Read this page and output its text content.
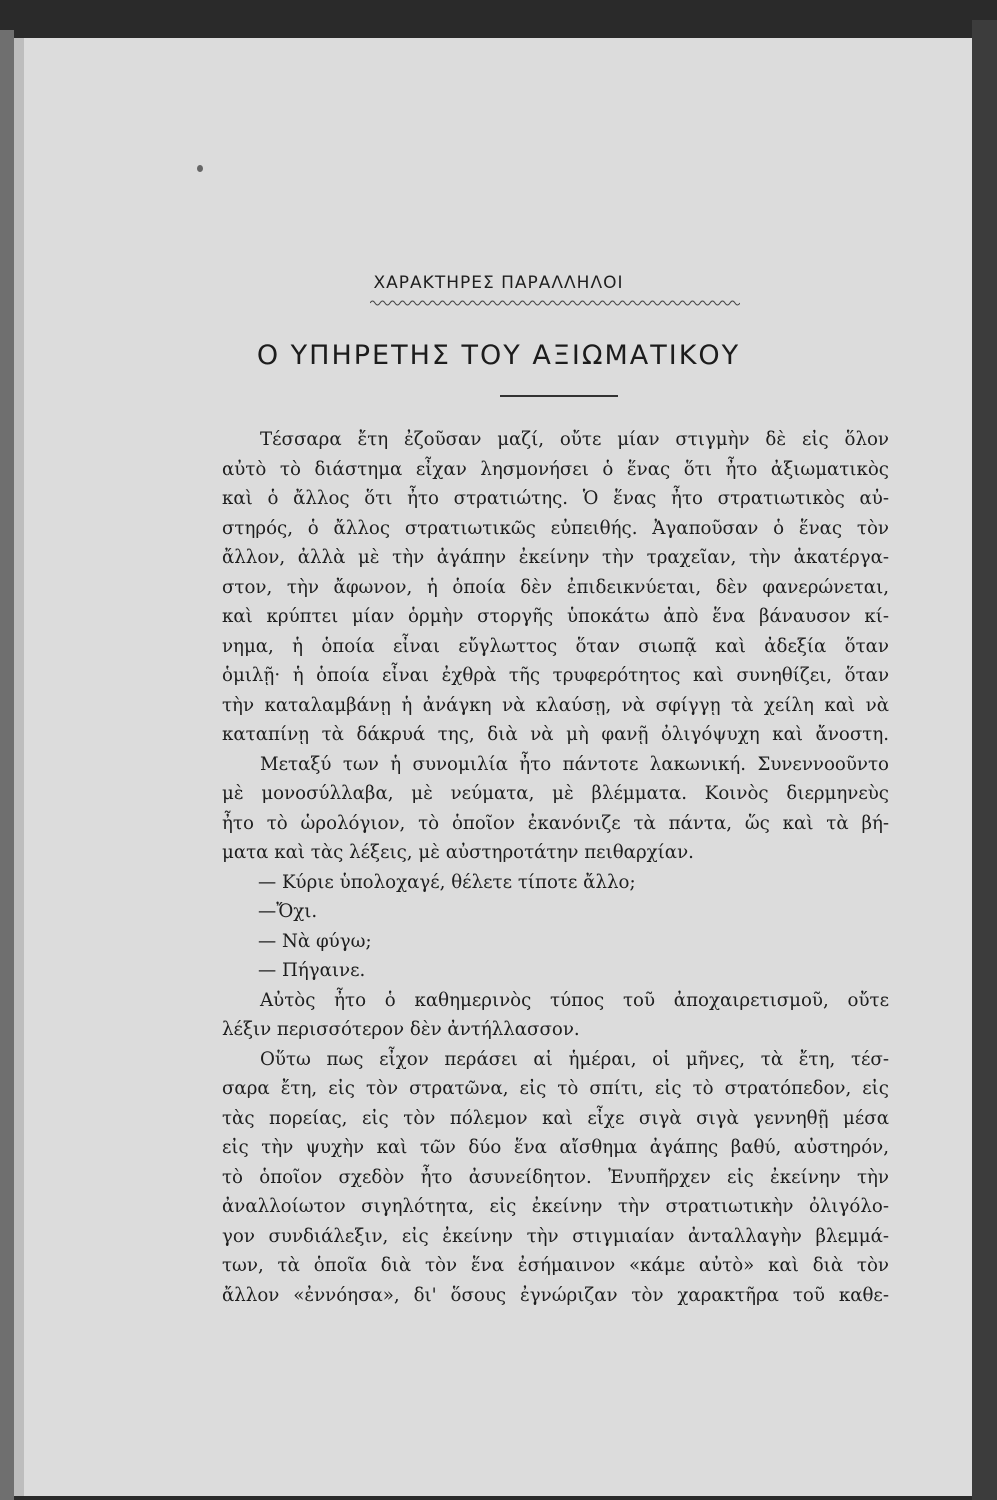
ΧΑΡΑΚΤΗΡΕΣ ΠΑΡΑΛΛΗΛΟΙ
Ο ΥΠΗΡΕΤΗΣ ΤΟΥ ΑΞΙΩΜΑΤΙΚΟΥ
Τέσσαρα ἔτη ἐζοῦσαν μαζί, οὔτε μίαν στιγμὴν δὲ εἰς ὅλον
αὐτὸ τὸ διάστημα εἶχαν λησμονήσει ὁ ἕνας ὅτι ἦτο ἀξιωματικὸς
καὶ ὁ ἄλλος ὅτι ἦτο στρατιώτης. Ὁ ἕνας ἦτο στρατιωτικὸς αὐ-
στηρός, ὁ ἄλλος στρατιωτικῶς εὐπειθής. Ἀγαποῦσαν ὁ ἕνας τὸν
ἄλλον, ἀλλὰ μὲ τὴν ἀγάπην ἐκείνην τὴν τραχεῖαν, τὴν ἀκατέργα-
στον, τὴν ἄφωνον, ἡ ὁποία δὲν ἐπιδεικνύεται, δὲν φανερώνεται,
καὶ κρύπτει μίαν ὁρμὴν στοργῆς ὑποκάτω ἀπὸ ἕνα βάναυσον κί-
νημα, ἡ ὁποία εἶναι εὔγλωττος ὅταν σιωπᾷ καὶ ἀδεξία ὅταν
ὁμιλῇ· ἡ ὁποία εἶναι ἐχθρὰ τῆς τρυφερότητος καὶ συνηθίζει, ὅταν
τὴν καταλαμβάνῃ ἡ ἀνάγκη νὰ κλαύσῃ, νὰ σφίγγῃ τὰ χείλη καὶ νὰ
καταπίνῃ τὰ δάκρυά της, διὰ νὰ μὴ φανῇ ὀλιγόψυχη καὶ ἄνοστη.
Μεταξύ των ἡ συνομιλία ἦτο πάντοτε λακωνική. Συνεννοοῦντο
μὲ μονοσύλλαβα, μὲ νεύματα, μὲ βλέμματα. Κοινὸς διερμηνεὺς
ἦτο τὸ ὡρολόγιον, τὸ ὁποῖον ἐκανόνιζε τὰ πάντα, ὥς καὶ τὰ βή-
ματα καὶ τὰς λέξεις, μὲ αὐστηροτάτην πειθαρχίαν.
— Κύριε ὑπολοχαγέ, θέλετε τίποτε ἄλλο;
—Ὄχι.
— Νὰ φύγω;
— Πήγαινε.
Αὐτὸς ἦτο ὁ καθημερινὸς τύπος τοῦ ἀποχαιρετισμοῦ, οὔτε
λέξιν περισσότερον δὲν ἀντήλλασσον.
Οὕτω πως εἶχον περάσει αἱ ἡμέραι, οἱ μῆνες, τὰ ἔτη, τέσ-
σαρα ἔτη, εἰς τὸν στρατῶνα, εἰς τὸ σπίτι, εἰς τὸ στρατόπεδον, εἰς
τὰς πορείας, εἰς τὸν πόλεμον καὶ εἶχε σιγὰ σιγὰ γεννηθῇ μέσα
εἰς τὴν ψυχὴν καὶ τῶν δύο ἕνα αἴσθημα ἀγάπης βαθύ, αὐστηρόν,
τὸ ὁποῖον σχεδὸν ἦτο ἀσυνείδητον. Ἐνυπῆρχεν εἰς ἐκείνην τὴν
ἀναλλοίωτον σιγηλότητα, εἰς ἐκείνην τὴν στρατιωτικὴν ὀλιγόλο-
γον συνδιάλεξιν, εἰς ἐκείνην τὴν στιγμιαίαν ἀνταλλαγὴν βλεμμά-
των, τὰ ὁποῖα διὰ τὸν ἕνα ἐσήμαινον «κάμε αὐτὸ» καὶ διὰ τὸν
ἄλλον «ἐννόησα», δι' ὅσους ἐγνώριζαν τὸν χαρακτῆρα τοῦ καθε-
